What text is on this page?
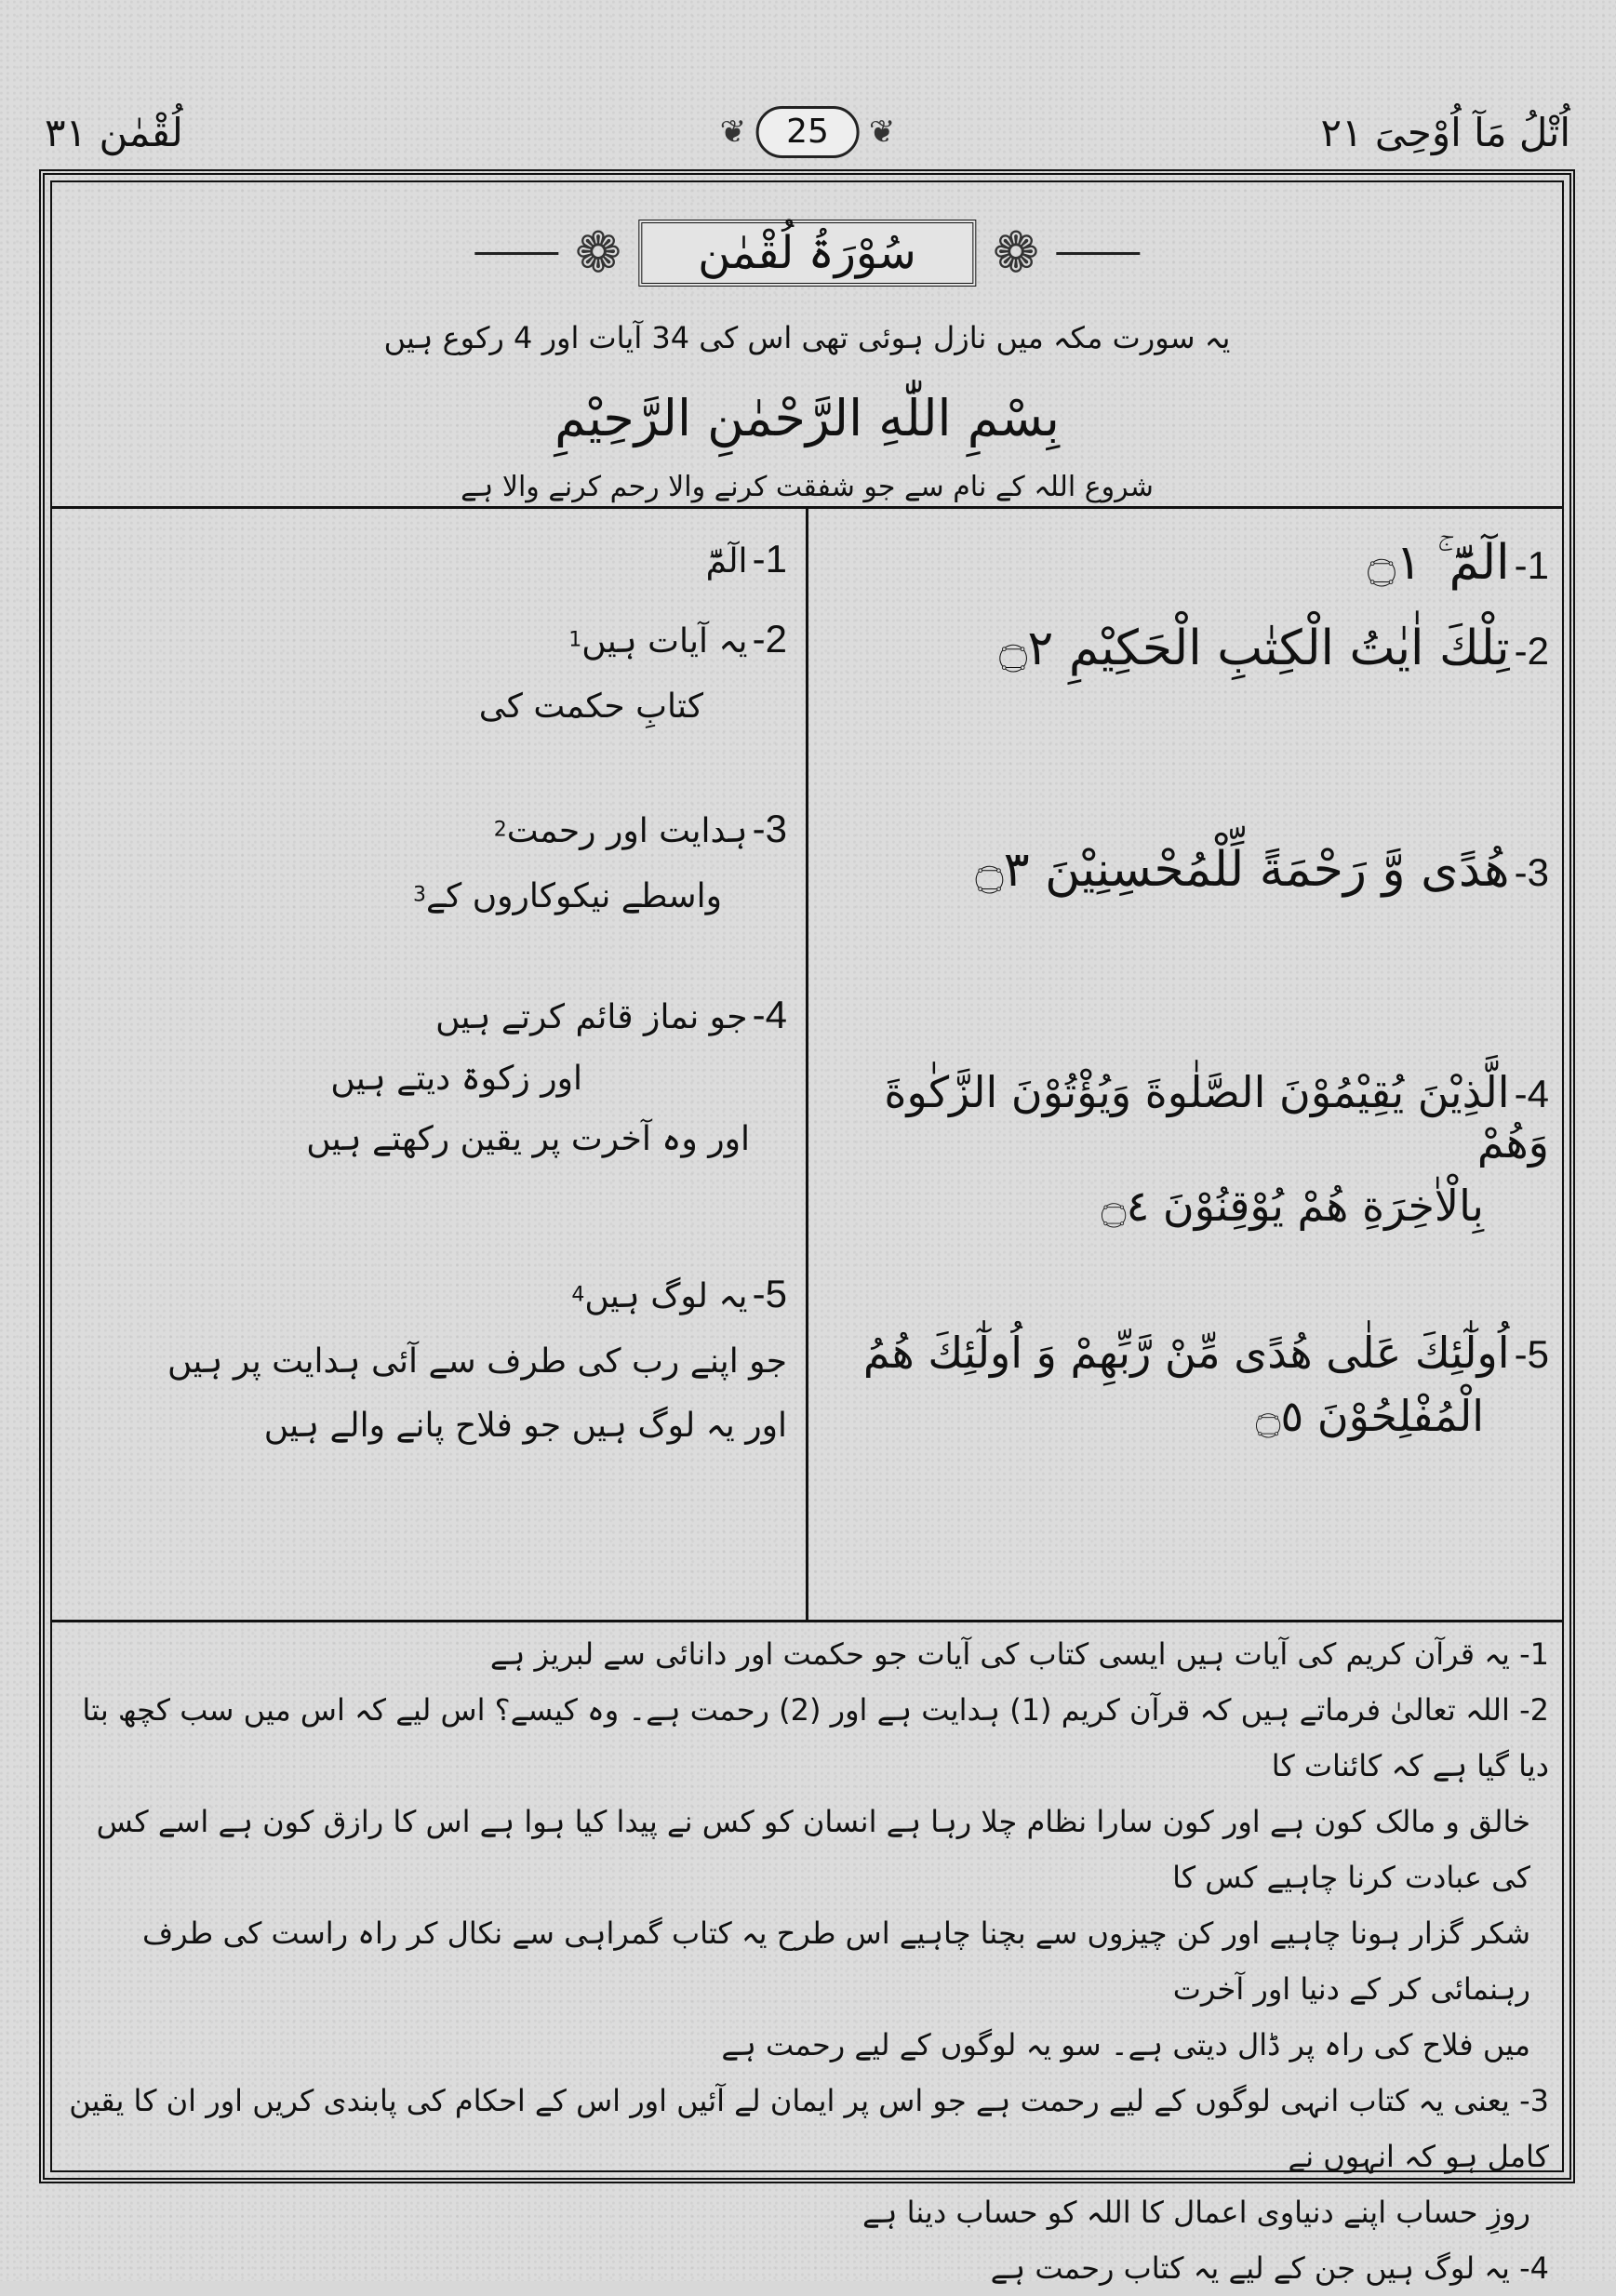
اُتْلُ مَآ اُوْحِیَ ۲۱
❦	25	❦
لُقْمٰن ۳۱
❁	سُوْرَۃُ لُقْمٰن	❁
یہ سورت مکہ میں نازل ہوئی تھی اس کی 34 آیات اور 4 رکوع ہیں
بِسْمِ اللّٰهِ الرَّحْمٰنِ الرَّحِیْمِ
شروع اللہ کے نام سے جو شفقت کرنے والا رحم کرنے والا ہے
1- الٓمّٓ ۚ ۝١
2- تِلْكَ اٰيٰتُ الْكِتٰبِ الْحَكِيْمِ ۝٢
3- هُدًى وَّ رَحْمَةً لِّلْمُحْسِنِيْنَ ۝٣
4- الَّذِيْنَ يُقِيْمُوْنَ الصَّلٰوةَ وَيُؤْتُوْنَ الزَّكٰوةَ وَهُمْ
بِالْاٰخِرَةِ هُمْ يُوْقِنُوْنَ ۝٤
5- اُولٰٓئِكَ عَلٰى هُدًى مِّنْ رَّبِّهِمْ وَ اُولٰٓئِكَ هُمُ
الْمُفْلِحُوْنَ ۝٥
1- الٓمّٓ
2- یہ آیات ہیں$^1$
کتابِ حکمت کی
3- ہدایت اور رحمت$^2$
واسطے نیکوکاروں کے$^3$
4- جو نماز قائم کرتے ہیں
اور زکوۃ دیتے ہیں
اور وہ آخرت پر یقین رکھتے ہیں
5- یہ لوگ ہیں$^4$
جو اپنے رب کی طرف سے آئی ہدایت پر ہیں
اور یہ لوگ ہیں جو فلاح پانے والے ہیں
1- یہ قرآن کریم کی آیات ہیں ایسی کتاب کی آیات جو حکمت اور دانائی سے لبریز ہے
2- اللہ تعالیٰ فرماتے ہیں کہ قرآن کریم (1) ہدایت ہے اور (2) رحمت ہے۔ وہ کیسے؟ اس لیے کہ اس میں سب کچھ بتا دیا گیا ہے کہ کائنات کا
خالق و مالک کون ہے اور کون سارا نظام چلا رہا ہے انسان کو کس نے پیدا کیا ہوا ہے اس کا رازق کون ہے اسے کس کی عبادت کرنا چاہیے کس کا
شکر گزار ہونا چاہیے اور کن چیزوں سے بچنا چاہیے اس طرح یہ کتاب گمراہی سے نکال کر راہ راست کی طرف رہنمائی کر کے دنیا اور آخرت
میں فلاح کی راہ پر ڈال دیتی ہے۔ سو یہ لوگوں کے لیے رحمت ہے
3- یعنی یہ کتاب انہی لوگوں کے لیے رحمت ہے جو اس پر ایمان لے آئیں اور اس کے احکام کی پابندی کریں اور ان کا یقین کامل ہو کہ انہوں نے
روزِ حساب اپنے دنیاوی اعمال کا اللہ کو حساب دینا ہے
4- یہ لوگ ہیں جن کے لیے یہ کتاب رحمت ہے
